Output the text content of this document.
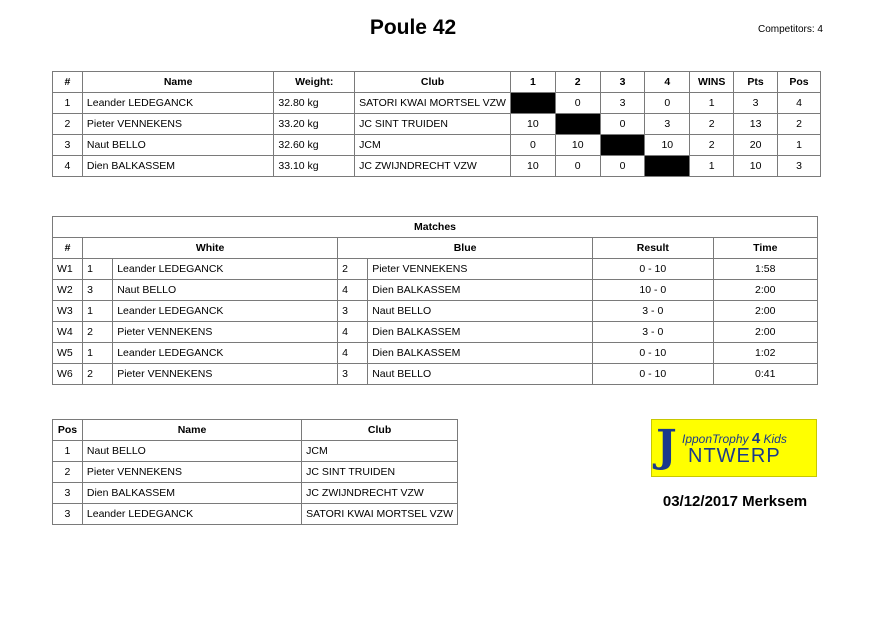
Poule 42	Competitors: 4
#	Name	Weight:	Club	1	2	3	4	WINS	Pts	Pos
1	Leander LEDEGANCK	32.80 kg	SATORI KWAI MORTSEL VZW		0	3	0	1	3	4
2	Pieter VENNEKENS	33.20 kg	JC SINT TRUIDEN	10		0	3	2	13	2
3	Naut BELLO	32.60 kg	JCM	0	10		10	2	20	1
4	Dien BALKASSEM	33.10 kg	JC ZWIJNDRECHT VZW	10	0	0		1	10	3
Matches						
#	White		Blue		Result	Time
W1	1	Leander LEDEGANCK	2	Pieter VENNEKENS	0 - 10	1:58
W2	3	Naut BELLO	4	Dien BALKASSEM	10 - 0	2:00
W3	1	Leander LEDEGANCK	3	Naut BELLO	3 - 0	2:00
W4	2	Pieter VENNEKENS	4	Dien BALKASSEM	3 - 0	2:00
W5	1	Leander LEDEGANCK	4	Dien BALKASSEM	0 - 10	1:02
W6	2	Pieter VENNEKENS	3	Naut BELLO	0 - 10	0:41
Pos	Name	Club
1	Naut BELLO	JCM
2	Pieter VENNEKENS	JC SINT TRUIDEN
3	Dien BALKASSEM	JC ZWIJNDRECHT VZW
3	Leander LEDEGANCK	SATORI KWAI MORTSEL VZW
J IpponTrophy 4 Kids
NTWERP
03/12/2017 Merksem
